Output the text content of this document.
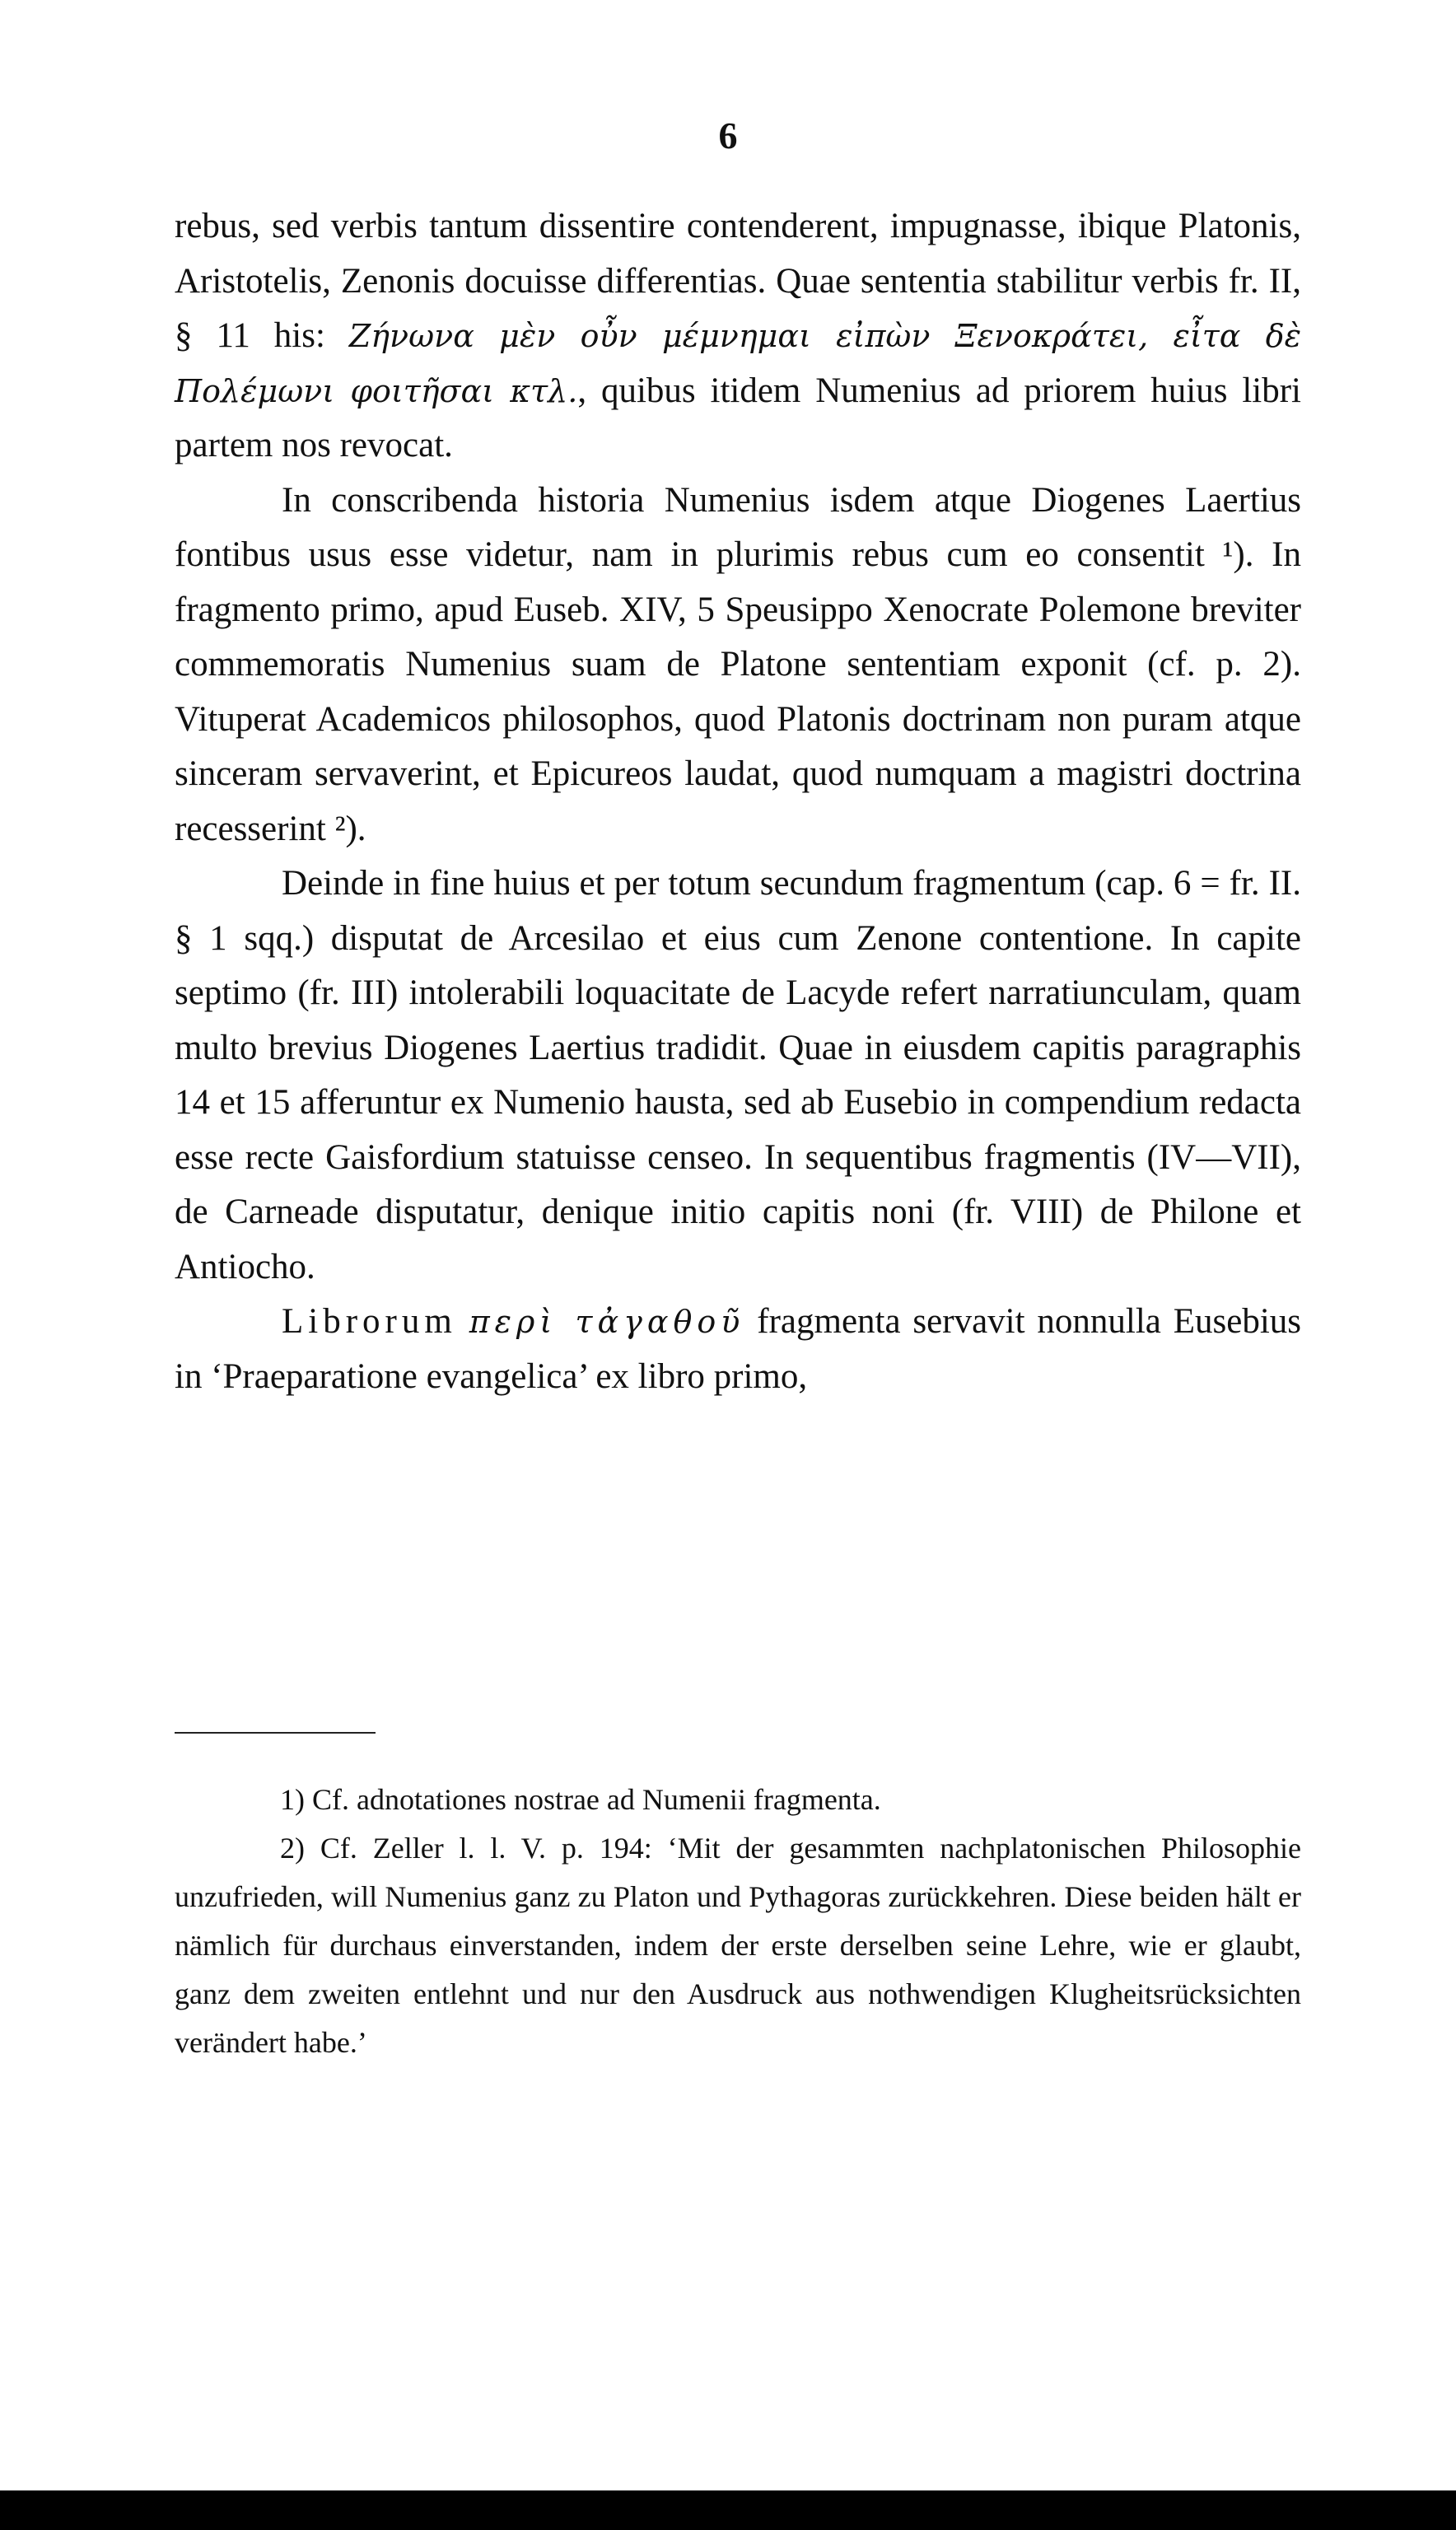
6

rebus, sed verbis tantum dissentire contenderent, impugnasse, ibique Platonis, Aristotelis, Zenonis docuisse differentias. Quae sententia stabilitur verbis fr. II, § 11 his: Ζήνωνα μὲν οὖν μέμνημαι εἰπὼν Ξενοκράτει, εἶτα δὲ Πολέμωνι φοιτῆσαι κτλ., quibus itidem Numenius ad priorem huius libri partem nos revocat.

In conscribenda historia Numenius isdem atque Diogenes Laertius fontibus usus esse videtur, nam in plurimis rebus cum eo consentit ¹). In fragmento primo, apud Euseb. XIV, 5 Speusippo Xenocrate Polemone breviter commemoratis Numenius suam de Platone sententiam exponit (cf. p. 2). Vituperat Academicos philosophos, quod Platonis doctrinam non puram atque sinceram servaverint, et Epicureos laudat, quod numquam a magistri doctrina recesserint ²).

Deinde in fine huius et per totum secundum fragmentum (cap. 6 = fr. II. § 1 sqq.) disputat de Arcesilao et eius cum Zenone contentione. In capite septimo (fr. III) intolerabili loquacitate de Lacyde refert narratiunculam, quam multo brevius Diogenes Laertius tradidit. Quae in eiusdem capitis paragraphis 14 et 15 afferuntur ex Numenio hausta, sed ab Eusebio in compendium redacta esse recte Gaisfordium statuisse censeo. In sequentibus fragmentis (IV—VII), de Carneade disputatur, denique initio capitis noni (fr. VIII) de Philone et Antiocho.

Librorum περὶ τἀγαθοῦ fragmenta servavit nonnulla Eusebius in ‘Praeparatione evangelica’ ex libro primo,

1) Cf. adnotationes nostrae ad Numenii fragmenta.

2) Cf. Zeller l. l. V. p. 194: ‘Mit der gesammten nachplatonischen Philosophie unzufrieden, will Numenius ganz zu Platon und Pythagoras zurückkehren. Diese beiden hält er nämlich für durchaus einverstanden, indem der erste derselben seine Lehre, wie er glaubt, ganz dem zweiten entlehnt und nur den Ausdruck aus nothwendigen Klugheitsrücksichten verändert habe.’
